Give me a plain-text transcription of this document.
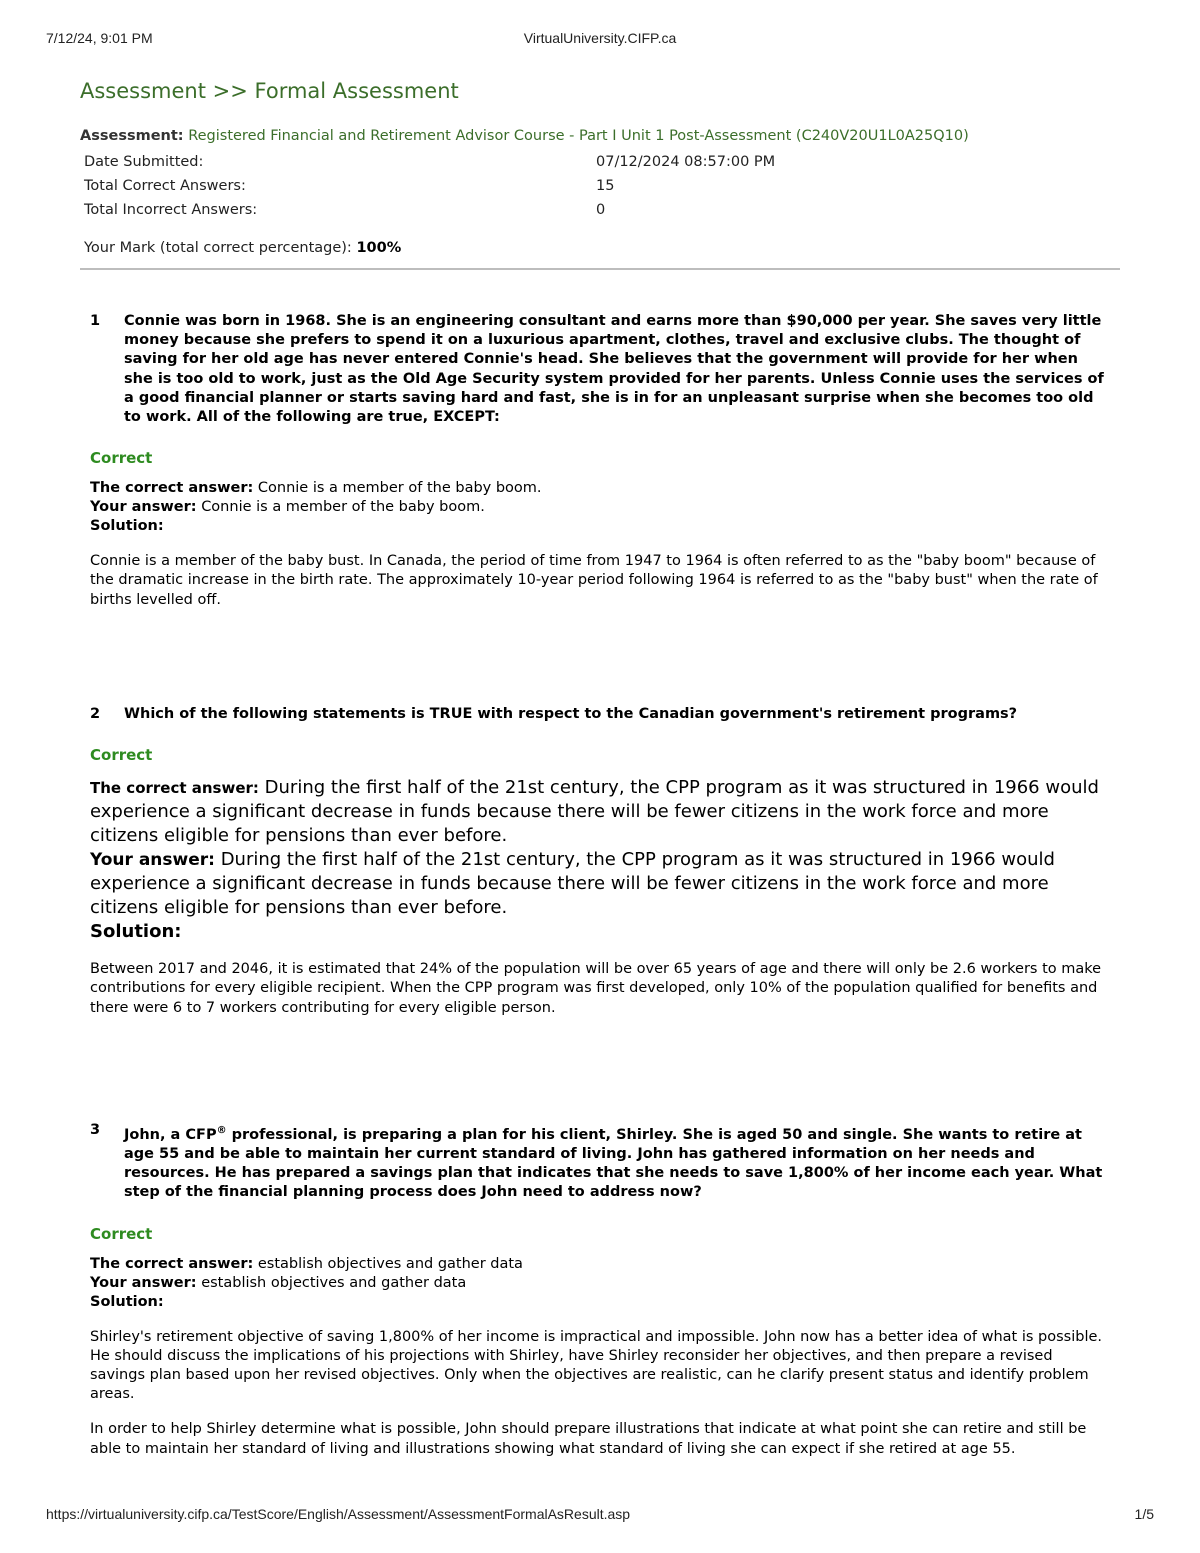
7/12/24, 9:01 PM	VirtualUniversity.CIFP.ca
Assessment >> Formal Assessment
Assessment: Registered Financial and Retirement Advisor Course - Part I Unit 1 Post-Assessment (C240V20U1L0A25Q10)
Date Submitted:	07/12/2024 08:57:00 PM
Total Correct Answers:	15
Total Incorrect Answers:	0
Your Mark (total correct percentage): 100%
1 Connie was born in 1968. She is an engineering consultant and earns more than $90,000 per year. She saves very little money because she prefers to spend it on a luxurious apartment, clothes, travel and exclusive clubs. The thought of saving for her old age has never entered Connie's head. She believes that the government will provide for her when she is too old to work, just as the Old Age Security system provided for her parents. Unless Connie uses the services of a good financial planner or starts saving hard and fast, she is in for an unpleasant surprise when she becomes too old to work. All of the following are true, EXCEPT:
Correct
The correct answer: Connie is a member of the baby boom.
Your answer: Connie is a member of the baby boom.
Solution:

Connie is a member of the baby bust. In Canada, the period of time from 1947 to 1964 is often referred to as the "baby boom" because of the dramatic increase in the birth rate. The approximately 10-year period following 1964 is referred to as the "baby bust" when the rate of births levelled off.

2 Which of the following statements is TRUE with respect to the Canadian government's retirement programs?
Correct
The correct answer: During the first half of the 21st century, the CPP program as it was structured in 1966 would experience a significant decrease in funds because there will be fewer citizens in the work force and more citizens eligible for pensions than ever before.
Your answer: During the first half of the 21st century, the CPP program as it was structured in 1966 would experience a significant decrease in funds because there will be fewer citizens in the work force and more citizens eligible for pensions than ever before.
Solution:

Between 2017 and 2046, it is estimated that 24% of the population will be over 65 years of age and there will only be 2.6 workers to make contributions for every eligible recipient. When the CPP program was first developed, only 10% of the population qualified for benefits and there were 6 to 7 workers contributing for every eligible person.

3 John, a CFP® professional, is preparing a plan for his client, Shirley. She is aged 50 and single. She wants to retire at age 55 and be able to maintain her current standard of living. John has gathered information on her needs and resources. He has prepared a savings plan that indicates that she needs to save 1,800% of her income each year. What step of the financial planning process does John need to address now?
Correct
The correct answer: establish objectives and gather data
Your answer: establish objectives and gather data
Solution:

Shirley's retirement objective of saving 1,800% of her income is impractical and impossible. John now has a better idea of what is possible. He should discuss the implications of his projections with Shirley, have Shirley reconsider her objectives, and then prepare a revised savings plan based upon her revised objectives. Only when the objectives are realistic, can he clarify present status and identify problem areas.

In order to help Shirley determine what is possible, John should prepare illustrations that indicate at what point she can retire and still be able to maintain her standard of living and illustrations showing what standard of living she can expect if she retired at age 55.

https://virtualuniversity.cifp.ca/TestScore/English/Assessment/AssessmentFormalAsResult.asp	1/5
